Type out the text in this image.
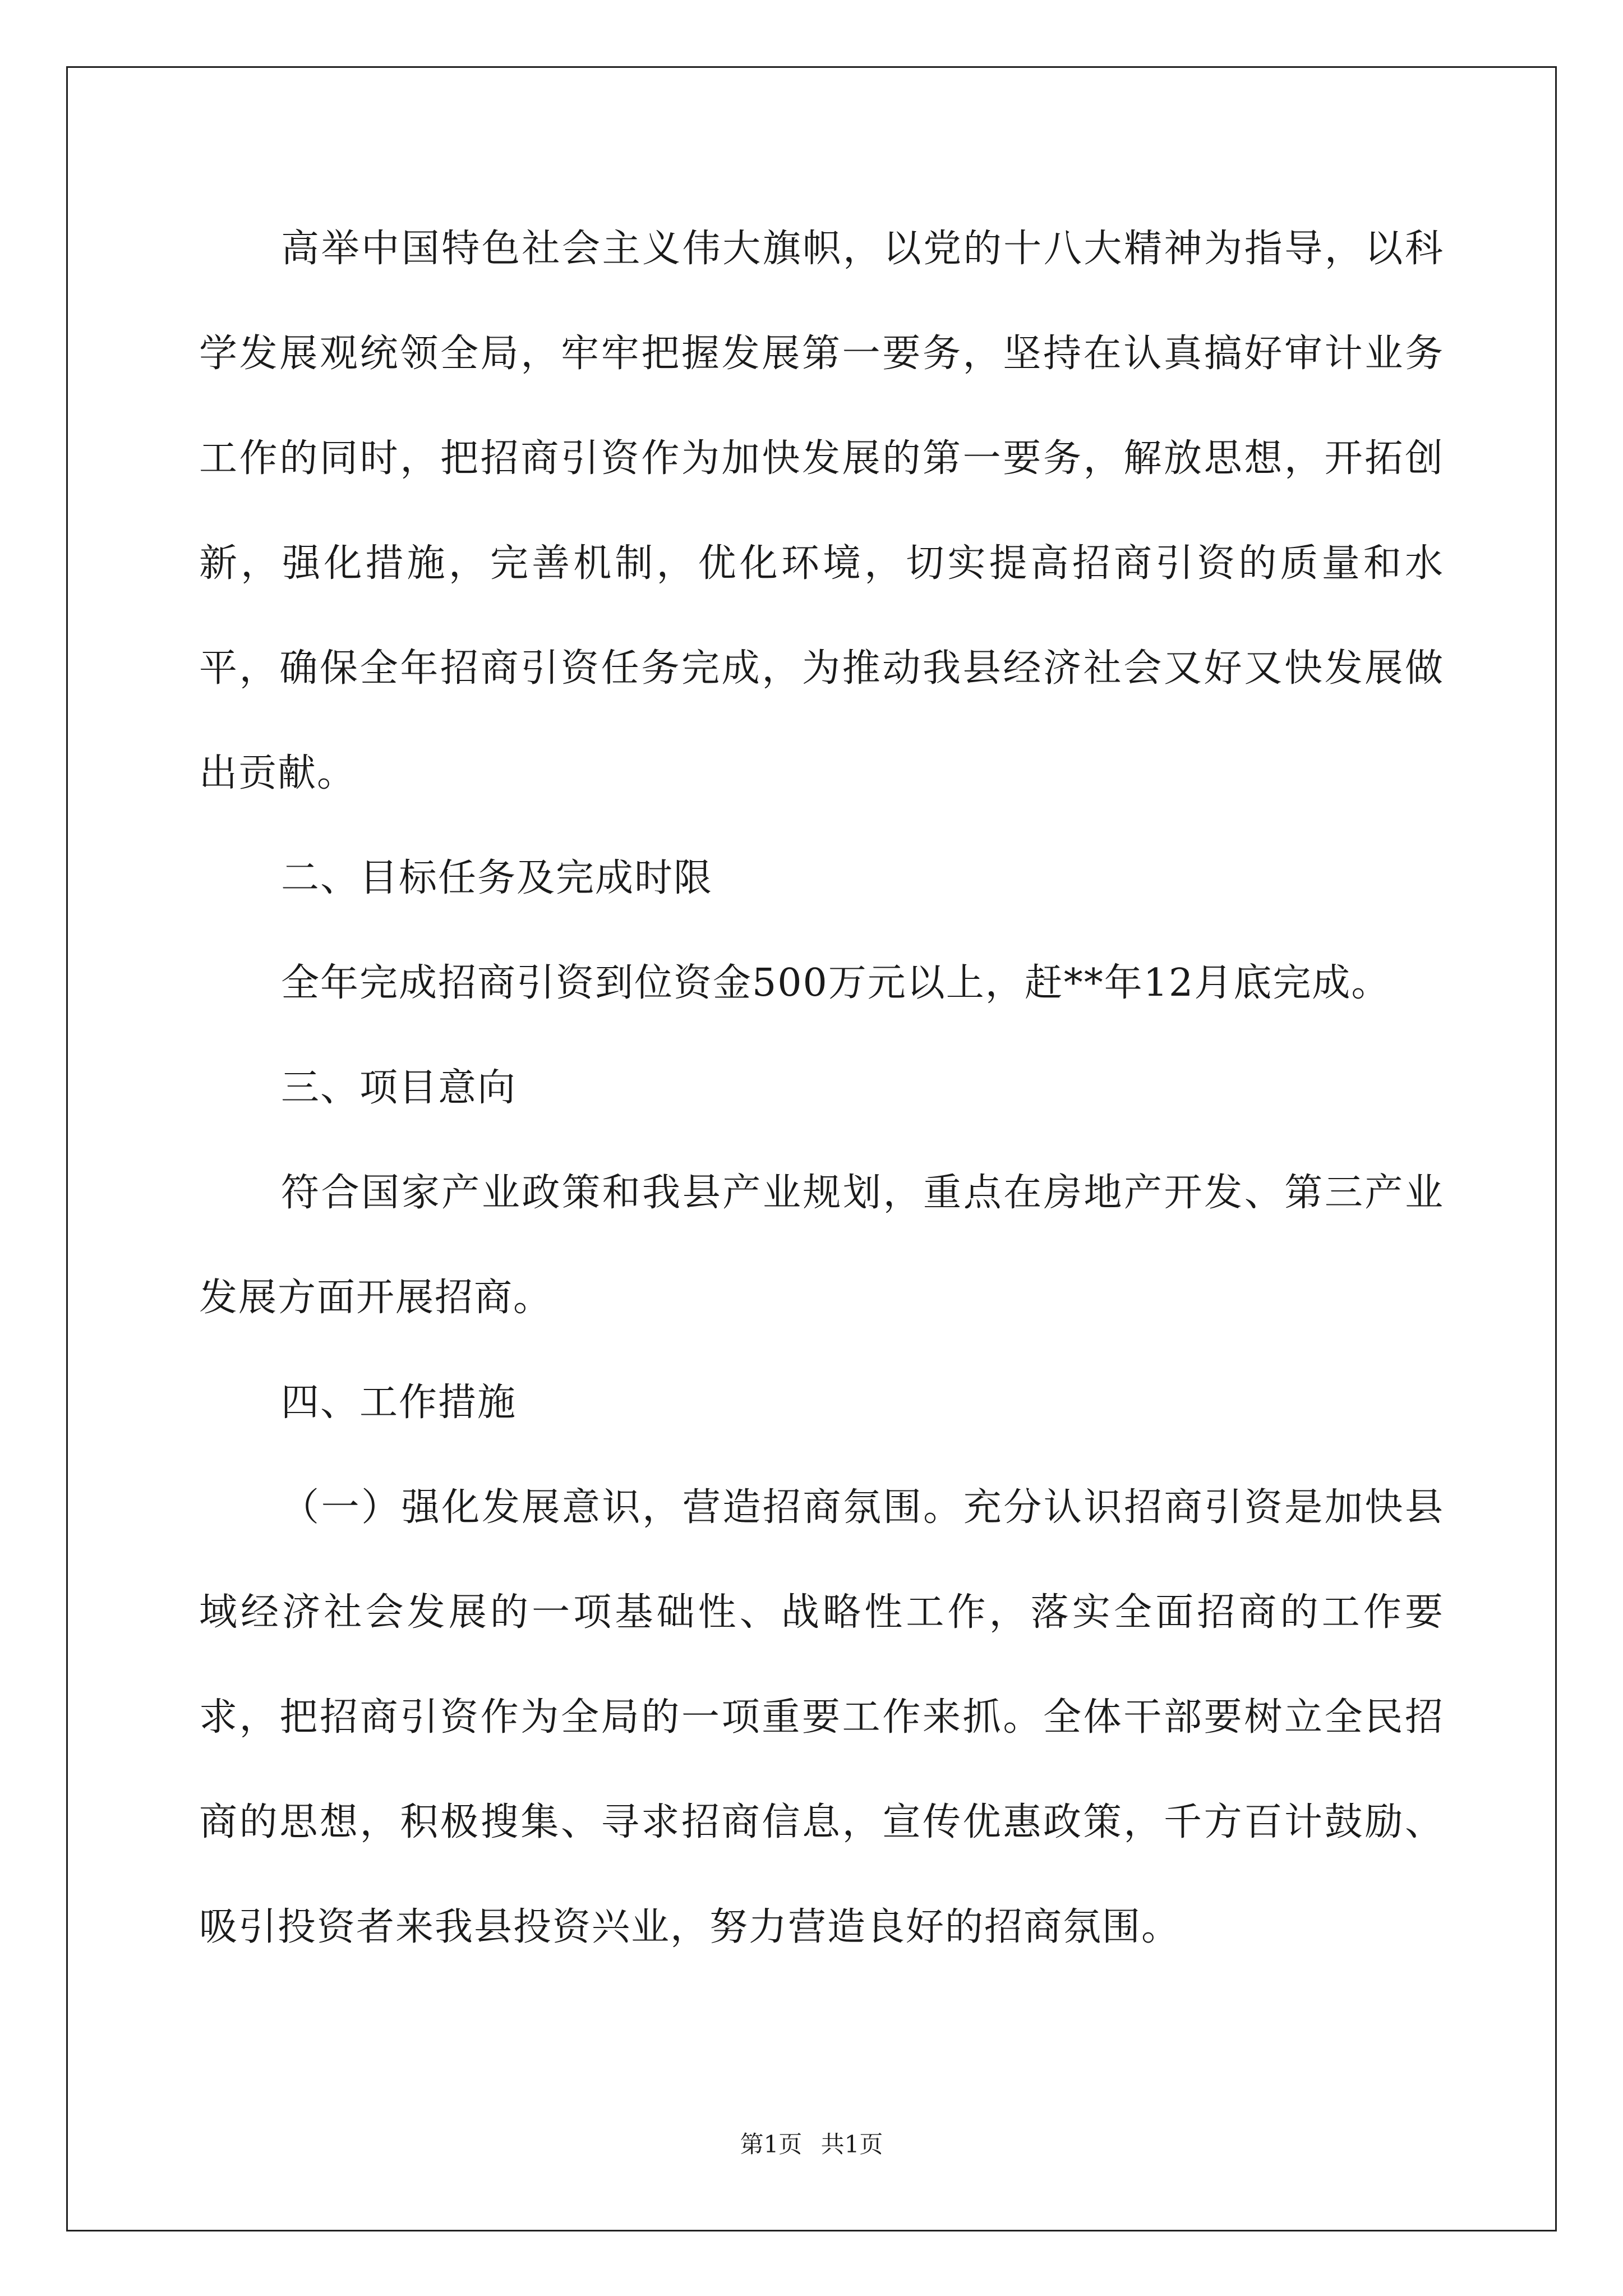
高举中国特色社会主义伟大旗帜，以党的十八大精神为指导，以科学发展观统领全局，牢牢把握发展第一要务，坚持在认真搞好审计业务工作的同时，把招商引资作为加快发展的第一要务，解放思想，开拓创新，强化措施，完善机制，优化环境，切实提高招商引资的质量和水平，确保全年招商引资任务完成，为推动我县经济社会又好又快发展做出贡献。

二、目标任务及完成时限

全年完成招商引资到位资金500万元以上，赶**年12月底完成。

三、项目意向

符合国家产业政策和我县产业规划，重点在房地产开发、第三产业发展方面开展招商。

四、工作措施

（一）强化发展意识，营造招商氛围。充分认识招商引资是加快县域经济社会发展的一项基础性、战略性工作，落实全面招商的工作要求，把招商引资作为全局的一项重要工作来抓。全体干部要树立全民招商的思想，积极搜集、寻求招商信息，宣传优惠政策，千方百计鼓励、吸引投资者来我县投资兴业，努力营造良好的招商氛围。

第1页 共1页
